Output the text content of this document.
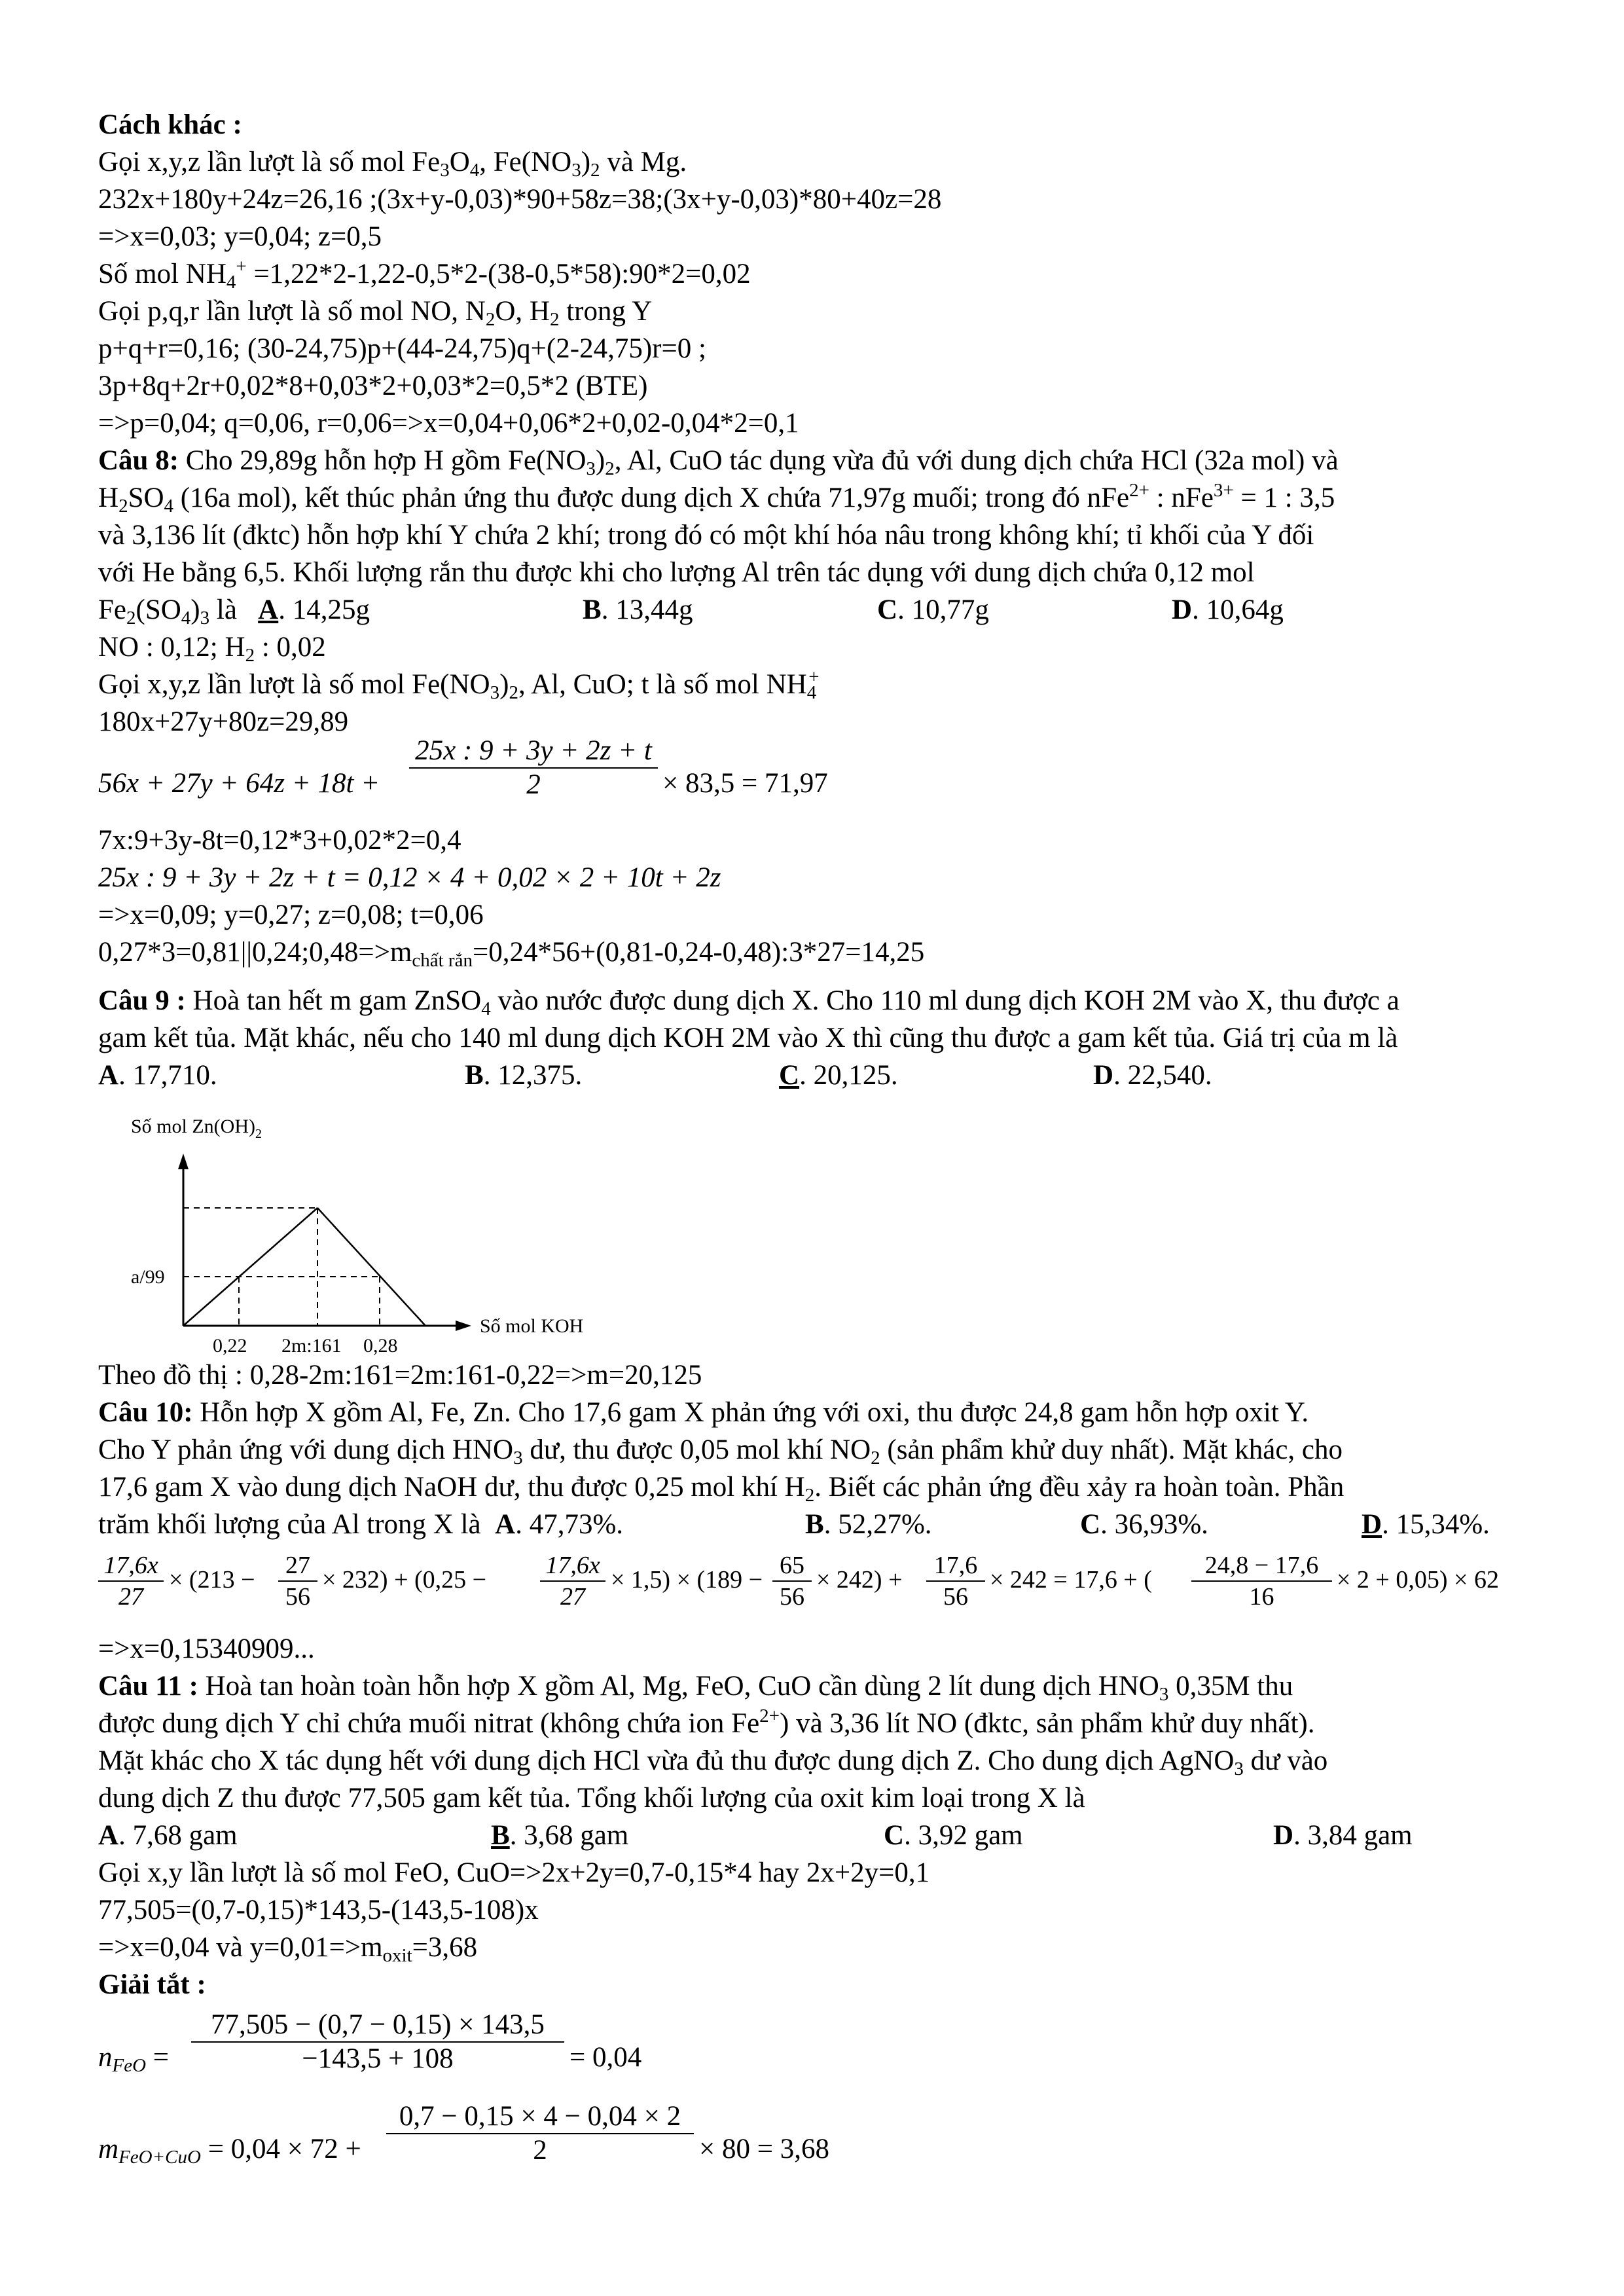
Cách khác :
Gọi x,y,z lần lượt là số mol $Fe_3O_4$, $Fe(NO_3)_2$ và Mg.
232x+180y+24z=26,16 ;(3x+y-0,03)*90+58z=38;(3x+y-0,03)*80+40z=28
=>x=0,03; y=0,04; z=0,5
Số mol $NH_4^+$ =1,22*2-1,22-0,5*2-(38-0,5*58):90*2=0,02
Gọi p,q,r lần lượt là số mol NO, $N_2O$, $H_2$ trong Y
p+q+r=0,16; (30-24,75)p+(44-24,75)q+(2-24,75)r=0 ;
3p+8q+2r+0,02*8+0,03*2+0,03*2=0,5*2 (BTE)
=>p=0,04; q=0,06, r=0,06=>x=0,04+0,06*2+0,02-0,04*2=0,1
Câu 8: Cho 29,89g hỗn hợp H gồm $Fe(NO_3)_2$, Al, CuO tác dụng vừa đủ với dung dịch chứa HCl (32a mol) và
$H_2SO_4$ (16a mol), kết thúc phản ứng thu được dung dịch X chứa 71,97g muối; trong đó nFe$^{2+}$ : nFe$^{3+}$ = 1 : 3,5
và 3,136 lít (đktc) hỗn hợp khí Y chứa 2 khí; trong đó có một khí hóa nâu trong không khí; tỉ khối của Y đối
với He bằng 6,5. Khối lượng rắn thu được khi cho lượng Al trên tác dụng với dung dịch chứa 0,12 mol
$Fe_2(SO_4)_3$ là   A. 14,25g	B. 13,44g	C. 10,77g	D. 10,64g
NO : 0,12; $H_2$ : 0,02
Gọi x,y,z lần lượt là số mol $Fe(NO_3)_2$, Al, CuO; t là số mol $NH_4^+$
180x+27y+80z=29,89
$56x + 27y + 64z + 18t + \frac{25x : 9 + 3y + 2z + t}{2} \times 83,5 = 71,97$
7x:9+3y-8t=0,12*3+0,02*2=0,4
25x : 9 + 3y + 2z + t = 0,12 × 4 + 0,02 × 2 + 10t + 2z
=>x=0,09; y=0,27; z=0,08; t=0,06
$0,27*3=0,81||0,24;0,48=>m_{chất rắn}=0,24*56+(0,81-0,24-0,48):3*27=14,25$
Câu 9 : Hoà tan hết m gam ZnSO$_4$ vào nước được dung dịch X. Cho 110 ml dung dịch KOH 2M vào X, thu được a
gam kết tủa. Mặt khác, nếu cho 140 ml dung dịch KOH 2M vào X thì cũng thu được a gam kết tủa. Giá trị của m là
A. 17,710.	B. 12,375.	C. 20,125.	D. 22,540.
Số mol $Zn(OH)_2$
Số mol KOH
a/99
0,22 2m:161 0,28
Theo đồ thị : 0,28-2m:161=2m:161-0,22=>m=20,125
Câu 10: Hỗn hợp X gồm Al, Fe, Zn. Cho 17,6 gam X phản ứng với oxi, thu được 24,8 gam hỗn hợp oxit Y.
Cho Y phản ứng với dung dịch $HNO_3$ dư, thu được 0,05 mol khí $NO_2$ (sản phẩm khử duy nhất). Mặt khác, cho
17,6 gam X vào dung dịch NaOH dư, thu được 0,25 mol khí $H_2$. Biết các phản ứng đều xảy ra hoàn toàn. Phần
trăm khối lượng của Al trong X là  A. 47,73%.	B. 52,27%.	C. 36,93%.	D. 15,34%.
$\frac{17,6x}{27} \times (213 - \frac{27}{56} \times 232) + (0,25 - \frac{17,6x}{27} \times 1,5) \times (189 - \frac{65}{56} \times 242) + \frac{17,6}{56} \times 242 = 17,6$ + ( $\frac{24,8 - 17,6}{16} \times 2 + 0,05) \times 62$
=>x=0,15340909...
Câu 11 : Hoà tan hoàn toàn hỗn hợp X gồm Al, Mg, FeO, CuO cần dùng 2 lít dung dịch $HNO_3$ 0,35M thu
được dung dịch Y chỉ chứa muối nitrat (không chứa ion $Fe^{2+}$) và 3,36 lít NO (đktc, sản phẩm khử duy nhất).
Mặt khác cho X tác dụng hết với dung dịch HCl vừa đủ thu được dung dịch Z. Cho dung dịch AgNO$_3$ dư vào
dung dịch Z thu được 77,505 gam kết tủa. Tổng khối lượng của oxit kim loại trong X là
A. 7,68 gam	B. 3,68 gam	C. 3,92 gam	D. 3,84 gam
Gọi x,y lần lượt là số mol FeO, CuO=>2x+2y=0,7-0,15*4 hay 2x+2y=0,1
77,505=(0,7-0,15)*143,5-(143,5-108)x
=>x=0,04 và $y=0,01=>m_{oxit}=3,68$
Giải tắt :
$n_{FeO} = \frac{77,505 - (0,7 - 0,15) \times 143,5}{-143,5 + 108} = 0,04$
$m_{FeO+CuO} = 0,04 \times 72 + \frac{0,7 - 0,15 \times 4 - 0,04 \times 2}{2} \times 80 = 3,68$
